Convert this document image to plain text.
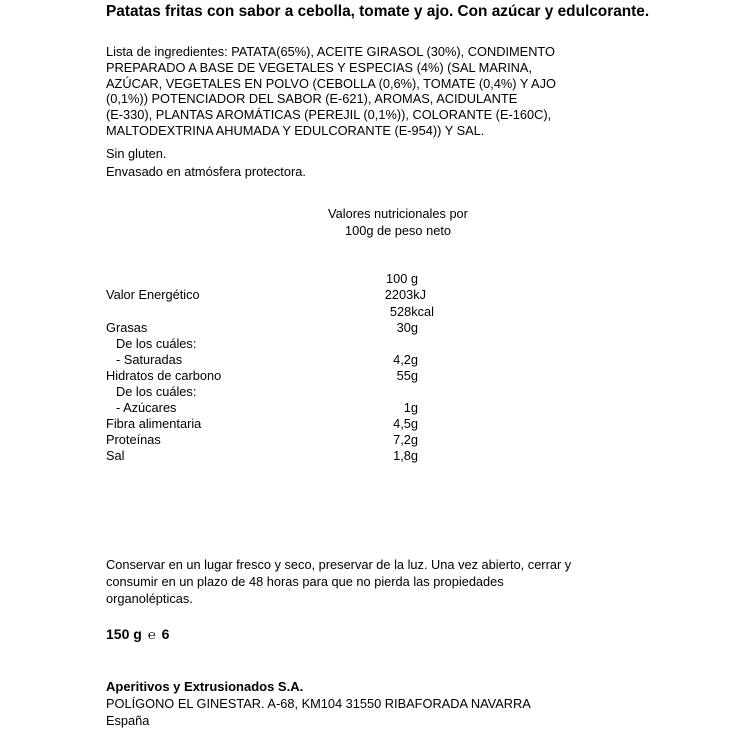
Patatas fritas con sabor a cebolla, tomate y ajo. Con azúcar y edulcorante.
Lista de ingredientes: PATATA(65%), ACEITE GIRASOL (30%), CONDIMENTO
PREPARADO A BASE DE VEGETALES Y ESPECIAS (4%) (SAL MARINA,
AZÚCAR, VEGETALES EN POLVO (CEBOLLA (0,6%), TOMATE (0,4%) Y AJO
(0,1%)) POTENCIADOR DEL SABOR (E-621), AROMAS, ACIDULANTE
(E-330), PLANTAS AROMÁTICAS (PEREJIL (0,1%)), COLORANTE (E-160C),
MALTODEXTRINA AHUMADA Y EDULCORANTE (E-954)) Y SAL.
Sin gluten.
Envasado en atmósfera protectora.
Valores nutricionales por
100g de peso neto
100 g
Valor Energético	2203kJ
528kcal
Grasas	30g
De los cuáles:
- Saturadas	4,2g
Hidratos de carbono	55g
De los cuáles:
- Azúcares	1g
Fibra alimentaria	4,5g
Proteínas	7,2g
Sal	1,8g
Conservar en un lugar fresco y seco, preservar de la luz. Una vez abierto, cerrar y
consumir en un plazo de 48 horas para que no pierda las propiedades
organolépticas.
150 g ℮ 6
Aperitivos y Extrusionados S.A.
POLÍGONO EL GINESTAR. A-68, KM104 31550 RIBAFORADA NAVARRA
España
